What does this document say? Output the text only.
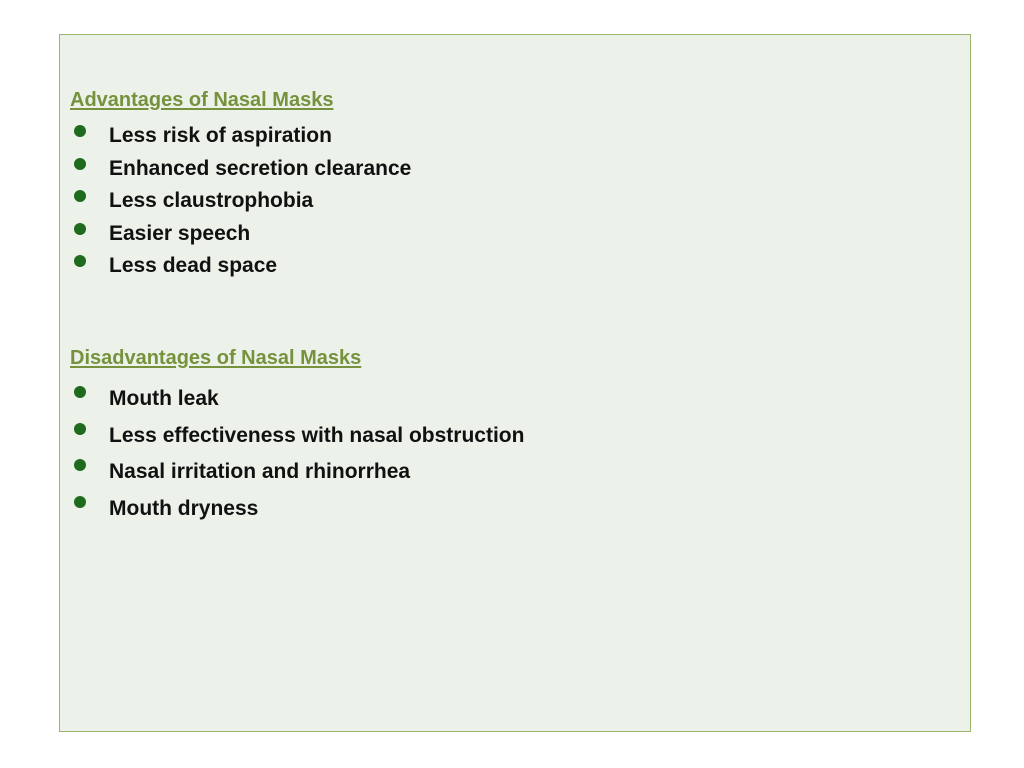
Advantages of Nasal Masks
Less risk of aspiration
Enhanced secretion clearance
Less claustrophobia
Easier speech
Less dead space
Disadvantages of Nasal Masks
Mouth leak
Less effectiveness with nasal obstruction
Nasal irritation and rhinorrhea
Mouth dryness
